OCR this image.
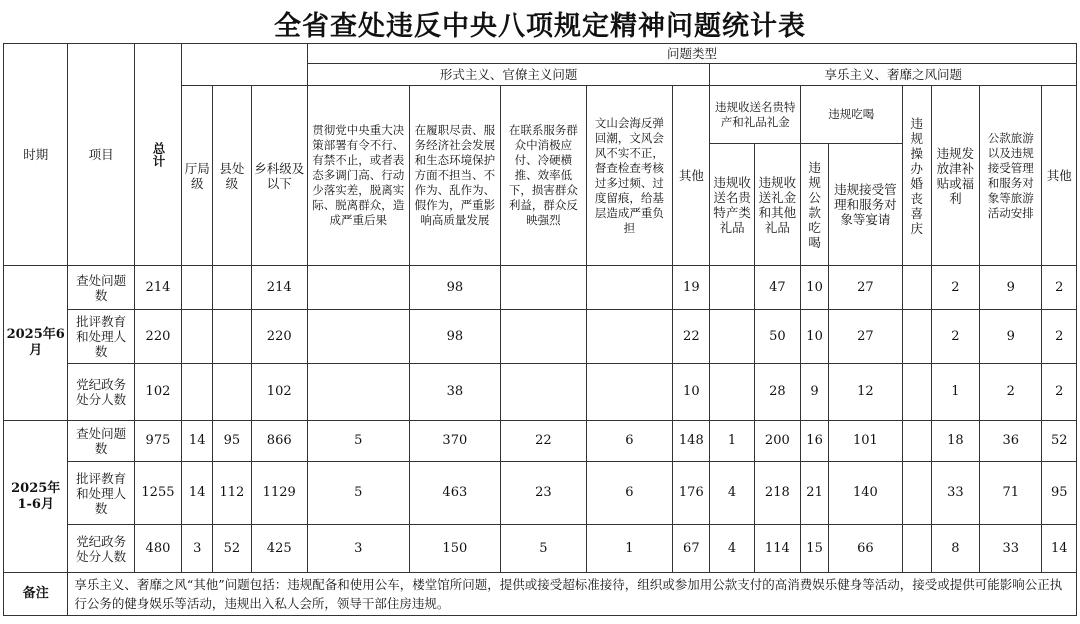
全省查处违反中央八项规定精神问题统计表
时期	项目	总计				问题类型												
						形式主义、官僚主义问题					享乐主义、奢靡之风问题							
			厅局级	县处级	乡科级及以下	贯彻党中央重大决策部署有令不行、有禁不止，或者表态多调门高、行动少落实差，脱离实际、脱离群众，造成严重后果	在履职尽责、服务经济社会发展和生态环境保护方面不担当、不作为、乱作为、假作为，严重影响高质量发展	在联系服务群众中消极应付、冷硬横推、效率低下，损害群众利益，群众反映强烈	文山会海反弹回潮，文风会风不实不正，督查检查考核过多过频、过度留痕，给基层造成严重负担	其他	违规收送名贵特产和礼品礼金		违规吃喝		违规操办婚丧喜庆	违规发放津补贴或福利	公款旅游以及违规接受管理和服务对象等旅游活动安排	其他
											违规收送名贵特产类礼品	违规收送礼金和其他礼品	违规公款吃喝	违规接受管理和服务对象等宴请				
2025年6月	查处问题数	214			214		98			19		47	10	27		2	9	2
	批评教育和处理人数	220			220		98			22		50	10	27		2	9	2
	党纪政务处分人数	102			102		38			10		28	9	12		1	2	2
2025年1-6月	查处问题数	975	14	95	866	5	370	22	6	148	1	200	16	101		18	36	52
	批评教育和处理人数	1255	14	112	1129	5	463	23	6	176	4	218	21	140		33	71	95
	党纪政务处分人数	480	3	52	425	3	150	5	1	67	4	114	15	66		8	33	14
备注	享乐主义、奢靡之风“其他”问题包括：违规配备和使用公车，楼堂馆所问题，提供或接受超标准接待，组织或参加用公款支付的高消费娱乐健身等活动，接受或提供可能影响公正执行公务的健身娱乐等活动，违规出入私人会所，领导干部住房违规。																	
